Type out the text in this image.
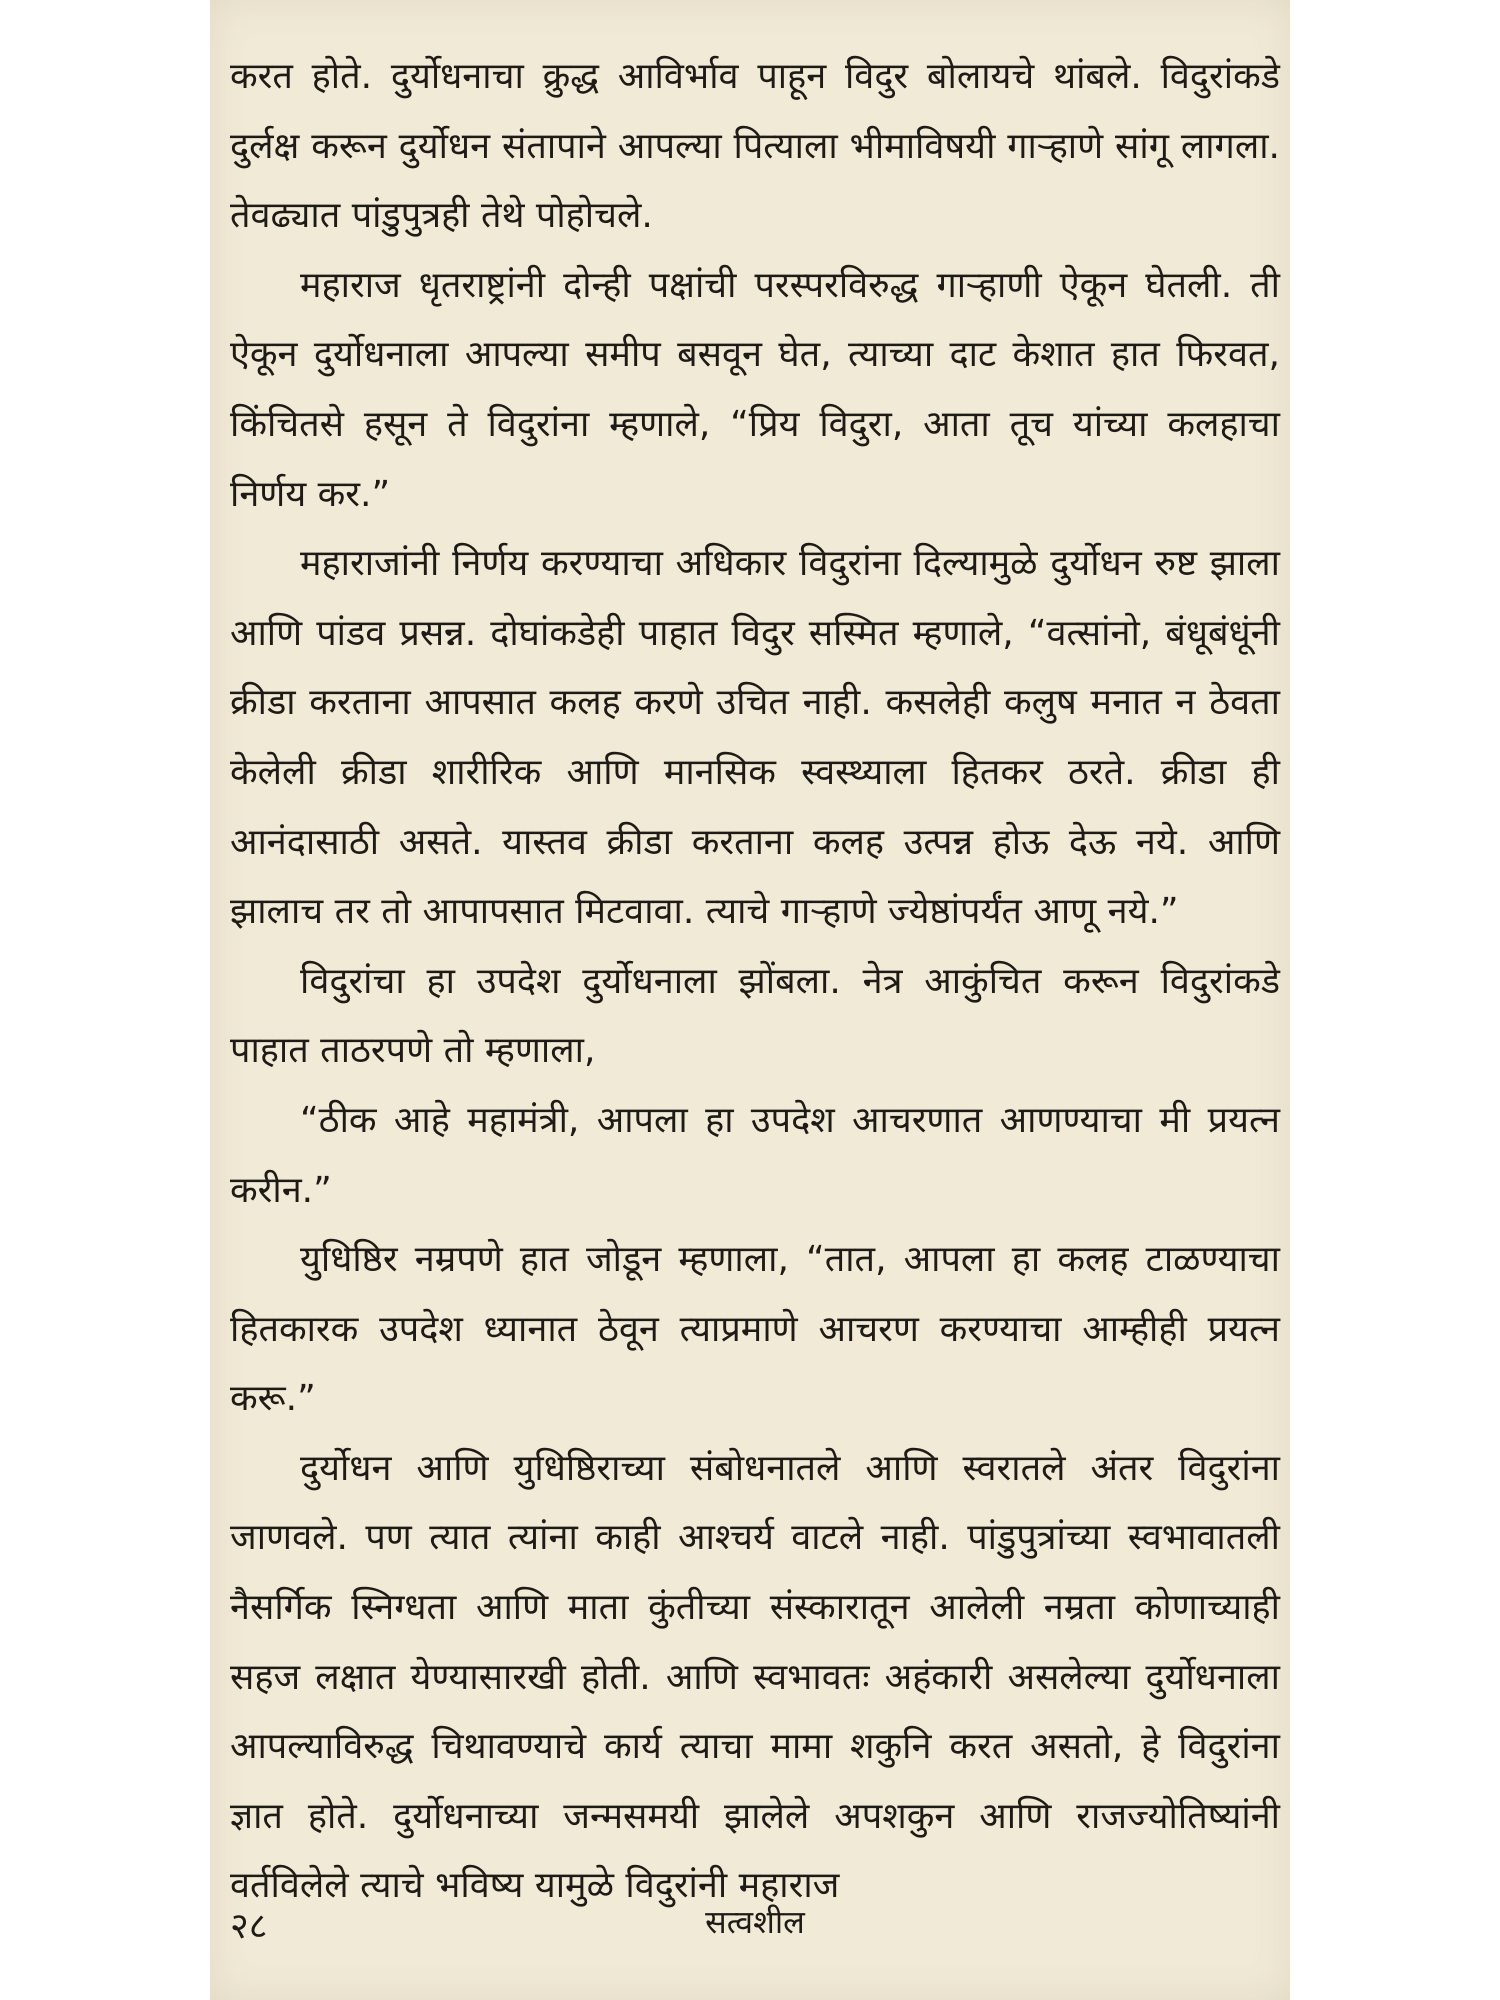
करत होते. दुर्योधनाचा क्रुद्ध आविर्भाव पाहून विदुर बोलायचे थांबले. विदुरांकडे दुर्लक्ष करून दुर्योधन संतापाने आपल्या पित्याला भीमाविषयी गाऱ्हाणे सांगू लागला. तेवढ्यात पांडुपुत्रही तेथे पोहोचले.

महाराज धृतराष्ट्रांनी दोन्ही पक्षांची परस्परविरुद्ध गाऱ्हाणी ऐकून घेतली. ती ऐकून दुर्योधनाला आपल्या समीप बसवून घेत, त्याच्या दाट केशात हात फिरवत, किंचितसे हसून ते विदुरांना म्हणाले, “प्रिय विदुरा, आता तूच यांच्या कलहाचा निर्णय कर.”

महाराजांनी निर्णय करण्याचा अधिकार विदुरांना दिल्यामुळे दुर्योधन रुष्ट झाला आणि पांडव प्रसन्न. दोघांकडेही पाहात विदुर सस्मित म्हणाले, “वत्सांनो, बंधूबंधूंनी क्रीडा करताना आपसात कलह करणे उचित नाही. कसलेही कलुष मनात न ठेवता केलेली क्रीडा शारीरिक आणि मानसिक स्वस्थ्याला हितकर ठरते. क्रीडा ही आनंदासाठी असते. यास्तव क्रीडा करताना कलह उत्पन्न होऊ देऊ नये. आणि झालाच तर तो आपापसात मिटवावा. त्याचे गाऱ्हाणे ज्येष्ठांपर्यंत आणू नये.”

विदुरांचा हा उपदेश दुर्योधनाला झोंबला. नेत्र आकुंचित करून विदुरांकडे पाहात ताठरपणे तो म्हणाला,

“ठीक आहे महामंत्री, आपला हा उपदेश आचरणात आणण्याचा मी प्रयत्न करीन.”

युधिष्ठिर नम्रपणे हात जोडून म्हणाला, “तात, आपला हा कलह टाळण्याचा हितकारक उपदेश ध्यानात ठेवून त्याप्रमाणे आचरण करण्याचा आम्हीही प्रयत्न करू.”

दुर्योधन आणि युधिष्ठिराच्या संबोधनातले आणि स्वरातले अंतर विदुरांना जाणवले. पण त्यात त्यांना काही आश्चर्य वाटले नाही. पांडुपुत्रांच्या स्वभावातली नैसर्गिक स्निग्धता आणि माता कुंतीच्या संस्कारातून आलेली नम्रता कोणाच्याही सहज लक्षात येण्यासारखी होती. आणि स्वभावतः अहंकारी असलेल्या दुर्योधनाला आपल्याविरुद्ध चिथावण्याचे कार्य त्याचा मामा शकुनि करत असतो, हे विदुरांना ज्ञात होते. दुर्योधनाच्या जन्मसमयी झालेले अपशकुन आणि राजज्योतिष्यांनी वर्तविलेले त्याचे भविष्य यामुळे विदुरांनी महाराज

२८	सत्वशील
